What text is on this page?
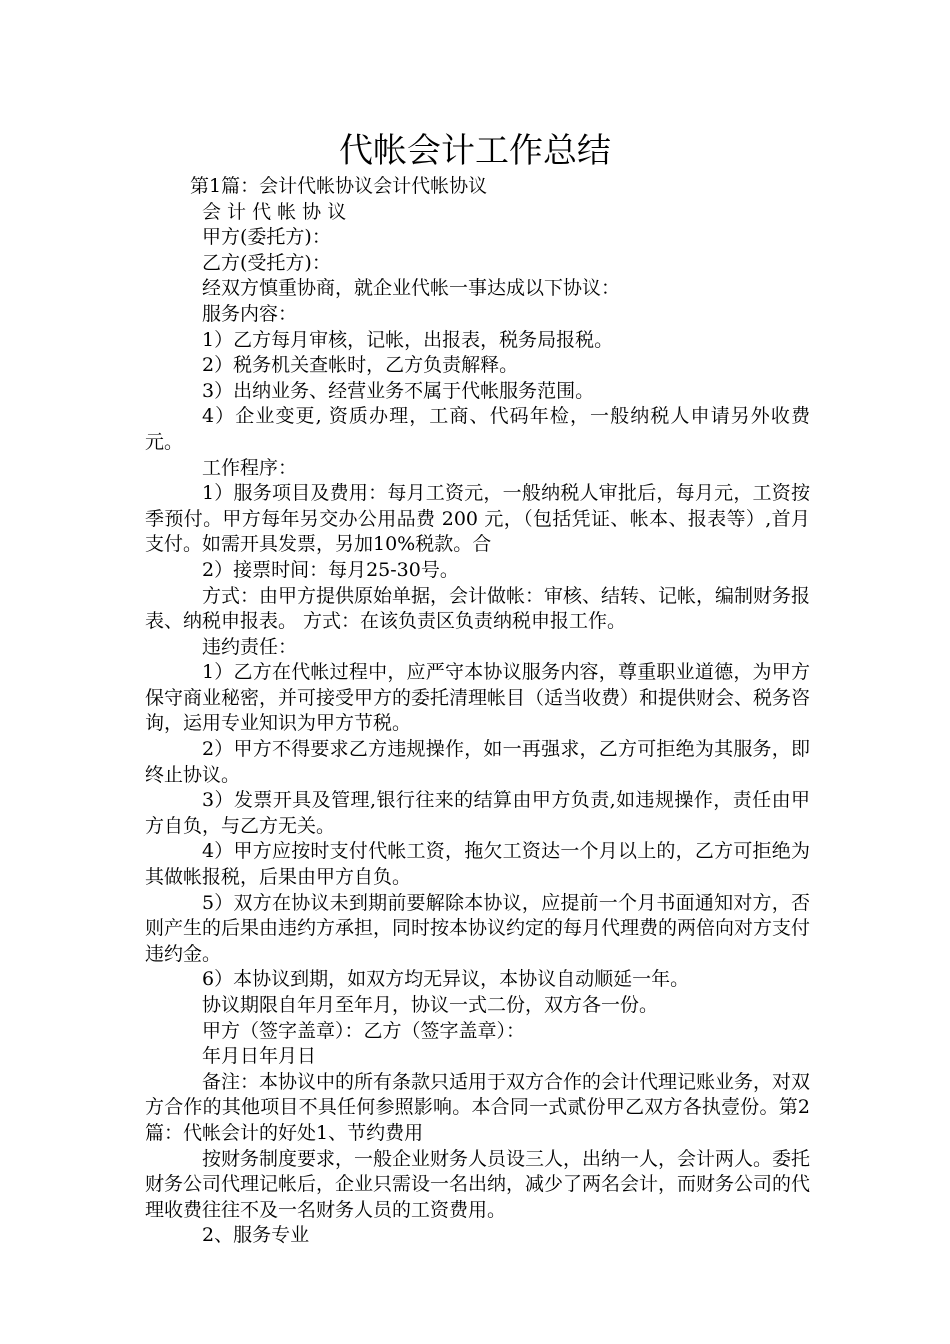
代帐会计工作总结

第1篇：会计代帐协议会计代帐协议

会 计 代 帐 协 议

甲方(委托方)：

乙方(受托方)：

经双方慎重协商，就企业代帐一事达成以下协议：

服务内容：

1）乙方每月审核，记帐，出报表，税务局报税。

2）税务机关查帐时，乙方负责解释。

3）出纳业务、经营业务不属于代帐服务范围。

4）企业变更, 资质办理，工商、代码年检，一般纳税人申请另外收费元。

工作程序：

1）服务项目及费用：每月工资元，一般纳税人审批后，每月元，工资按季预付。甲方每年另交办公用品费 200 元，（包括凭证、帐本、报表等）,首月支付。如需开具发票，另加10%税款。合

2）接票时间：每月25-30号。

方式：由甲方提供原始单据，会计做帐：审核、结转、记帐，编制财务报表、纳税申报表。 方式：在该负责区负责纳税申报工作。

违约责任：

1）乙方在代帐过程中，应严守本协议服务内容，尊重职业道德，为甲方保守商业秘密，并可接受甲方的委托清理帐目（适当收费）和提供财会、税务咨询，运用专业知识为甲方节税。

2）甲方不得要求乙方违规操作，如一再强求，乙方可拒绝为其服务，即终止协议。

3）发票开具及管理,银行往来的结算由甲方负责,如违规操作，责任由甲方自负，与乙方无关。

4）甲方应按时支付代帐工资，拖欠工资达一个月以上的，乙方可拒绝为其做帐报税，后果由甲方自负。

5）双方在协议未到期前要解除本协议，应提前一个月书面通知对方，否则产生的后果由违约方承担，同时按本协议约定的每月代理费的两倍向对方支付违约金。

6）本协议到期，如双方均无异议，本协议自动顺延一年。

协议期限自年月至年月，协议一式二份，双方各一份。

甲方（签字盖章）：乙方（签字盖章）：

年月日年月日

备注：本协议中的所有条款只适用于双方合作的会计代理记账业务，对双方合作的其他项目不具任何参照影响。本合同一式贰份甲乙双方各执壹份。第2篇：代帐会计的好处1、节约费用

按财务制度要求，一般企业财务人员设三人，出纳一人，会计两人。委托财务公司代理记帐后，企业只需设一名出纳，减少了两名会计，而财务公司的代理收费往往不及一名财务人员的工资费用。

2、服务专业
